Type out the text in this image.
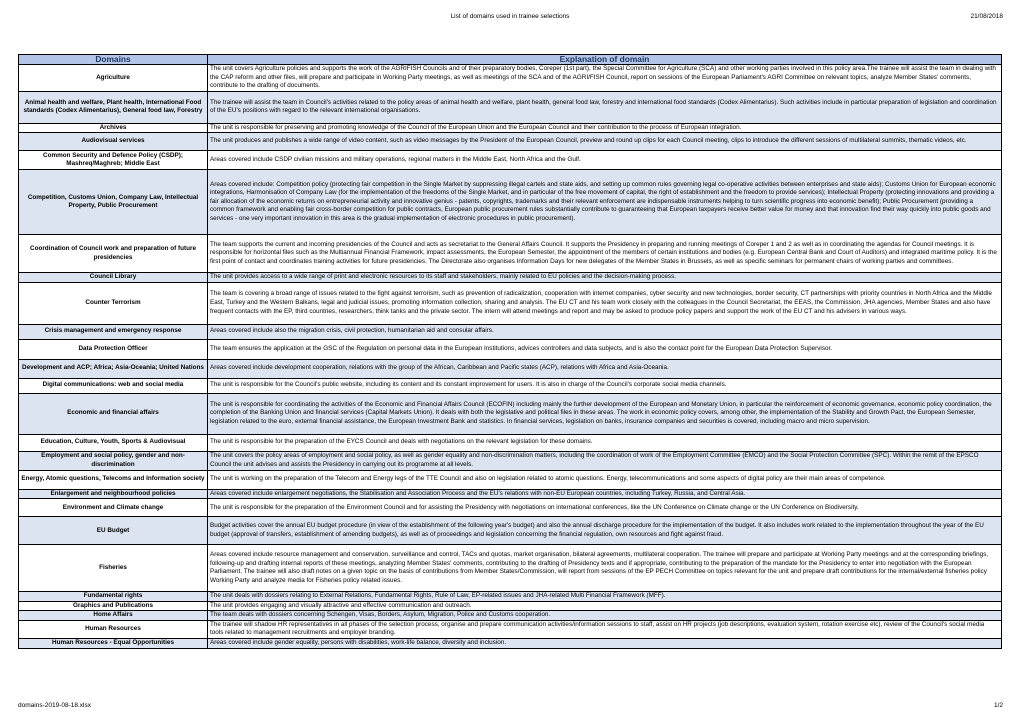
List of domains used in trainee selections	21/08/2018
Domains	Explanation of domain
Agriculture	The unit covers Agriculture policies and supports the work of the AGRIFISH Councils and of their preparatory bodies, Coreper (1st part), the Special Committee for Agriculture (SCA) and other working parties involved in this policy area.The trainee will assist the team in dealing with the CAP reform and other files, will prepare and participate in Working Party meetings, as well as meetings of the SCA and of the AGRI/FISH Council, report on sessions of the European Parliament's AGRI Committee on relevant topics, analyze Member States' comments, contribute to the drafting of documents.
Animal health and welfare, Plant health, International Food standards (Codex Alimentarius), General food law, Forestry	The trainee will assist the team in Council's activities related to the policy areas of animal health and welfare, plant health, general food law, forestry and international food standards (Codex Alimentarius). Such activities include in particular preparation of legislation and coordination of the EU's positions with regard to the relevant international organisations.
Archives	The unit is responsible for preserving and promoting knowledge of the Council of the European Union and the European Council and their contribution to the process of European integration.
Audiovisual services	The unit produces and publishes a wide range of video content, such as video messages by the President of the European Council, preview and round up clips for each Council meeting, clips to introduce the different sessions of multilateral summits, thematic videos, etc.
Common Security and Defence Policy (CSDP); Mashreq/Maghreb; Middle East	Areas covered include CSDP civilian missions and military operations, regional matters in the Middle East, North Africa and the Gulf.
Competition, Customs Union, Company Law, Intellectual Property, Public Procurement	Areas covered include: Competition policy (protecting fair competition in the Single Market by suppressing illegal cartels and state aids, and setting up common rules governing legal co-operative activities between enterprises and state aids); Customs Union for European economic integrations, Harmonisation of Company Law (for the implementation of the freedoms of the Single Market, and in particular of the free movement of capital, the right of establishment and the freedom to provide services); Intellectual Property (protecting innovations and providing a fair allocation of the economic returns on entrepreneurial activity and innovative genius - patents, copyrights, trademarks and their relevant enforcement are indispensable instruments helping to turn scientific progress into economic benefit); Public Procurement (providing a common framework and enabling fair cross-border competition for public contracts, European public procurement rules substantially contribute to guaranteeing that European taxpayers receive better value for money and that innovation find their way quickly into public goods and services - one very important innovation in this area is the gradual implementation of electronic procedures in public procurement).
Coordination of Council work and preparation of future presidencies	The team supports the current and incoming presidencies of the Council and acts as secretariat to the General Affairs Council. It supports the Presidency in preparing and running meetings of Coreper 1 and 2 as well as in coordinating the agendas for Council meetings. It is responsible for horizontal files such as the Multiannual Financial Framework, impact assessments, the European Semester, the appointment of the members of certain institutions and bodies (e.g. European Central Bank and Court of Auditors) and integrated maritime policy. It is the first point of contact and coordinates training activities for future presidencies. The Directorate also organises Information Days for new delegates of the Member States in Brussels, as well as specific seminars for permanent chairs of working parties and committees.
Council Library	The unit provides access to a wide range of print and electronic resources to its staff and stakeholders, mainly related to EU policies and the decision-making process.
Counter Terrorism	The team is covering a broad range of issues related to the fight against terrorism, such as prevention of radicalization, cooperation with internet companies, cyber security and new technologies, border security, CT partnerships with priority countries in North Africa and the Middle East, Turkey and the Western Balkans, legal and judicial issues, promoting information collection, sharing and analysis. The EU CT and his team work closely with the colleagues in the Council Secretariat, the EEAS, the Commission, JHA agencies, Member States and also have frequent contacts with the EP, third countries, researchers, think tanks and the private sector. The intern will attend meetings and report and may be asked to produce policy papers and support the work of the EU CT and his advisers in various ways.
Crisis management and emergency response	Areas covered include also the migration crisis, civil protection, humanitarian aid and consular affairs.
Data Protection Officer	The team ensures the application at the GSC of the Regulation on personal data in the European Institutions, advices controllers and data subjects, and is also the contact point for the European Data Protection Supervisor.
Development and ACP; Africa; Asia-Oceania; United Nations	Areas covered include development cooperation, relations with the group of the African, Caribbean and Pacific states (ACP), relations with Africa and Asia-Oceania.
Digital communications: web and social media	The unit is responsible for the Council's public website, including its content and its constant improvement for users. It is also in charge of the Council's corporate social media channels.
Economic and financial affairs	The unit is responsible for coordinating the activities of the Economic and Financial Affairs Council (ECOFIN) including mainly the further development of the European and Monetary Union, in particular the reinforcement of economic governance, economic policy coordination, the completion of the Banking Union and financial services (Capital Markets Union). It deals with both the legislative and political files in these areas. The work in economic policy covers, among other, the implementation of the Stability and Growth Pact, the European Semester, legislation related to the euro, external financial assistance, the European Investment Bank and statistics. In financial services, legislation on banks, insurance companies and securities is covered, including macro and micro supervision.
Education, Culture, Youth, Sports & Audiovisual	The unit is responsible for the preparation of the EYCS Council and deals with negotiations on the relevant legislation for these domains.
Employment and social policy, gender and non-discrimination	The unit covers the policy areas of employment and social policy, as well as gender equality and non-discrimination matters, including the coordination of work of the Employment Committee (EMCO) and the Social Protection Committee (SPC). Within the remit of the EPSCO Council the unit advises and assists the Presidency in carrying out its programme at all levels.
Energy, Atomic questions, Telecoms and Information society	The unit is working on the preparation of the Telecom and Energy legs of the TTE Council and also on legislation related to atomic questions. Energy, telecommunications and some aspects of digital policy are their main areas of competence.
Enlargement and neighbourhood policies	Areas covered include enlargement negotiations, the Stabilisation and Association Process and the EU's relations with non-EU European countries, including Turkey, Russia, and Central Asia.
Environment and Climate change	The unit is responsible for the preparation of the Environment Council and for assisting the Presidency with negotiations on international conferences, like the UN Conference on Climate change or the UN Conference on Biodiversity.
EU Budget	Budget activities cover the annual EU budget procedure (in view of the establishment of the following year's budget) and also the annual discharge procedure for the implementation of the budget. It also includes work related to the implementation throughout the year of the EU budget (approval of transfers, establishment of amending budgets), as well as of proceedings and legislation concerning the financial regulation, own resources and fight against fraud.
Fisheries	Areas covered include resource management and conservation, surveillance and control, TACs and quotas, market organisation, bilateral agreements, multilateral cooperation. The trainee will prepare and participate at Working Party meetings and at the corresponding briefings, following-up and drafting internal reports of these meetings, analyzing Member States' comments, contributing to the drafting of Presidency texts and if appropriate, contributing to the preparation of the mandate for the Presidency to enter into negotiation with the European Parliament. The trainee will also draft notes on a given topic on the basis of contributions from Member States/Commission, will report from sessions of the EP PECH Committee on topics relevant for the unit and prepare draft contributions for the internal/external fisheries policy Working Party and analyze media for Fisheries policy related issues.
Fundamental rights	The unit deals with dossiers relating to External Relations, Fundamental Rights, Rule of Law, EP-related issues and JHA-related Multi Financial Framework (MFF).
Graphics and Publications	The unit provides engaging and visually attractive and effective communication and outreach.
Home Affairs	The team deals with dossiers concerning Schengen, Visas, Borders, Asylum, Migration, Police and Customs cooperation.
Human Resources	The trainee will shadow HR representatives in all phases of the selection process, organise and prepare communication activities/information sessions to staff, assist on HR projects (job descriptions, evaluation system, rotation exercise etc), review of the Council's social media tools related to management recruitments and employer branding.
Human Resources - Equal Opportunities	Areas covered include gender equality, persons with disabilities, work-life balance, diversity and inclusion.
domains-2019-08-18.xlsx	1/2
